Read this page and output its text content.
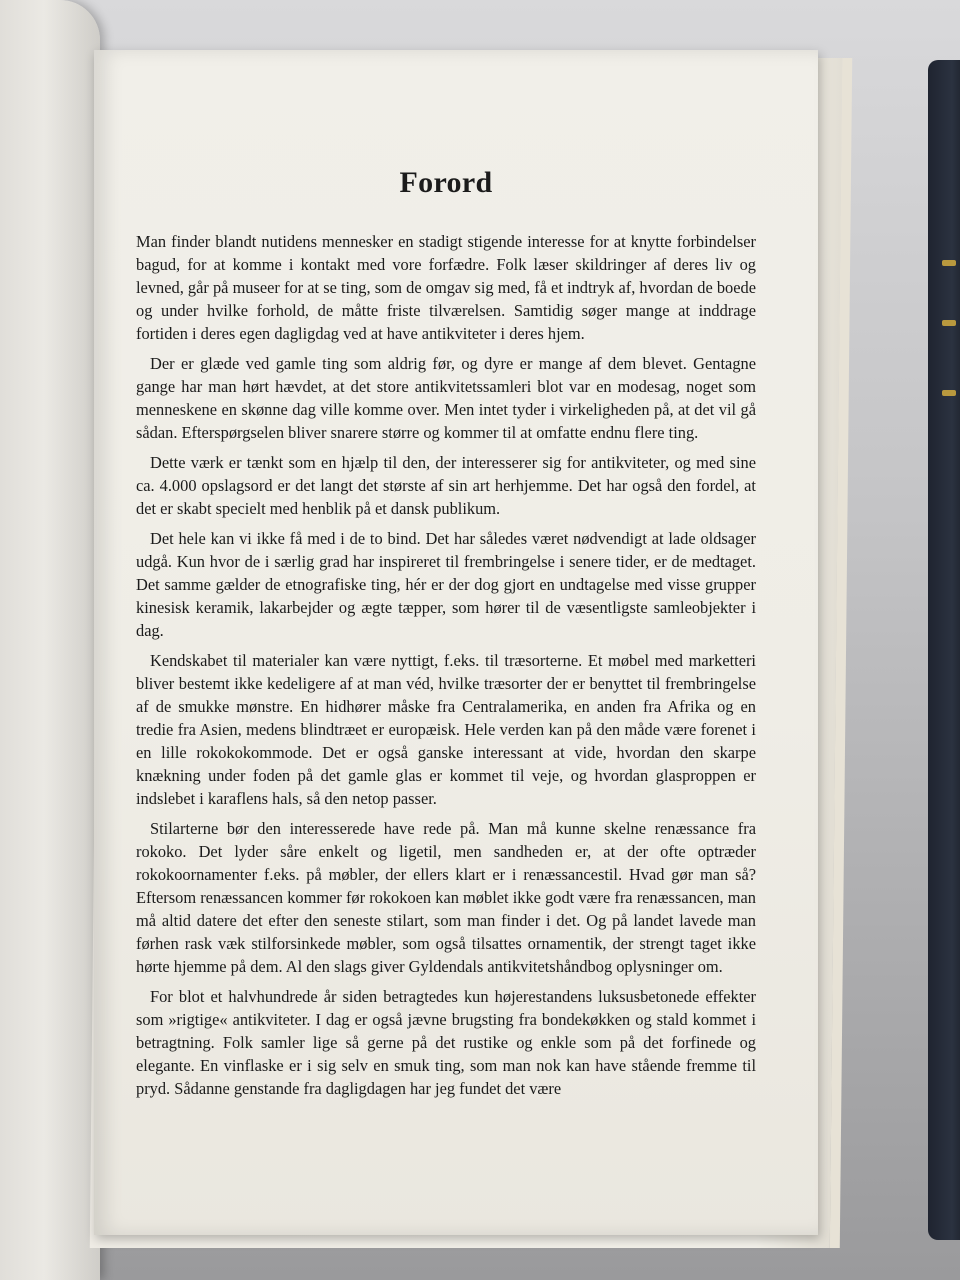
Forord

Man finder blandt nutidens mennesker en stadigt stigende interesse for at knytte forbindelser bagud, for at komme i kontakt med vore forfædre. Folk læser skildringer af deres liv og levned, går på museer for at se ting, som de omgav sig med, få et indtryk af, hvordan de boede og under hvilke forhold, de måtte friste tilværelsen. Samtidig søger mange at inddrage fortiden i deres egen dagligdag ved at have antikviteter i deres hjem.

Der er glæde ved gamle ting som aldrig før, og dyre er mange af dem blevet. Gentagne gange har man hørt hævdet, at det store antikvitetssamleri blot var en modesag, noget som menneskene en skønne dag ville komme over. Men intet tyder i virkeligheden på, at det vil gå sådan. Efterspørgselen bliver snarere større og kommer til at omfatte endnu flere ting.

Dette værk er tænkt som en hjælp til den, der interesserer sig for antikviteter, og med sine ca. 4.000 opslagsord er det langt det største af sin art herhjemme. Det har også den fordel, at det er skabt specielt med henblik på et dansk publikum.

Det hele kan vi ikke få med i de to bind. Det har således været nødvendigt at lade oldsager udgå. Kun hvor de i særlig grad har inspireret til frembringelse i senere tider, er de medtaget. Det samme gælder de etnografiske ting, hér er der dog gjort en undtagelse med visse grupper kinesisk keramik, lakarbejder og ægte tæpper, som hører til de væsentligste samleobjekter i dag.

Kendskabet til materialer kan være nyttigt, f.eks. til træsorterne. Et møbel med marketteri bliver bestemt ikke kedeligere af at man véd, hvilke træsorter der er benyttet til frembringelse af de smukke mønstre. En hidhører måske fra Centralamerika, en anden fra Afrika og en tredie fra Asien, medens blindtræet er europæisk. Hele verden kan på den måde være forenet i en lille rokokokommode. Det er også ganske interessant at vide, hvordan den skarpe knækning under foden på det gamle glas er kommet til veje, og hvordan glasproppen er indslebet i karaflens hals, så den netop passer.

Stilarterne bør den interesserede have rede på. Man må kunne skelne renæssance fra rokoko. Det lyder såre enkelt og ligetil, men sandheden er, at der ofte optræder rokokoornamenter f.eks. på møbler, der ellers klart er i renæssancestil. Hvad gør man så? Eftersom renæssancen kommer før rokokoen kan møblet ikke godt være fra renæssancen, man må altid datere det efter den seneste stilart, som man finder i det. Og på landet lavede man førhen rask væk stilforsinkede møbler, som også tilsattes ornamentik, der strengt taget ikke hørte hjemme på dem. Al den slags giver Gyldendals antikvitetshåndbog oplysninger om.

For blot et halvhundrede år siden betragtedes kun højerestandens luksusbetonede effekter som »rigtige« antikviteter. I dag er også jævne brugsting fra bondekøkken og stald kommet i betragtning. Folk samler lige så gerne på det rustike og enkle som på det forfinede og elegante. En vinflaske er i sig selv en smuk ting, som man nok kan have stående fremme til pryd. Sådanne genstande fra dagligdagen har jeg fundet det være
